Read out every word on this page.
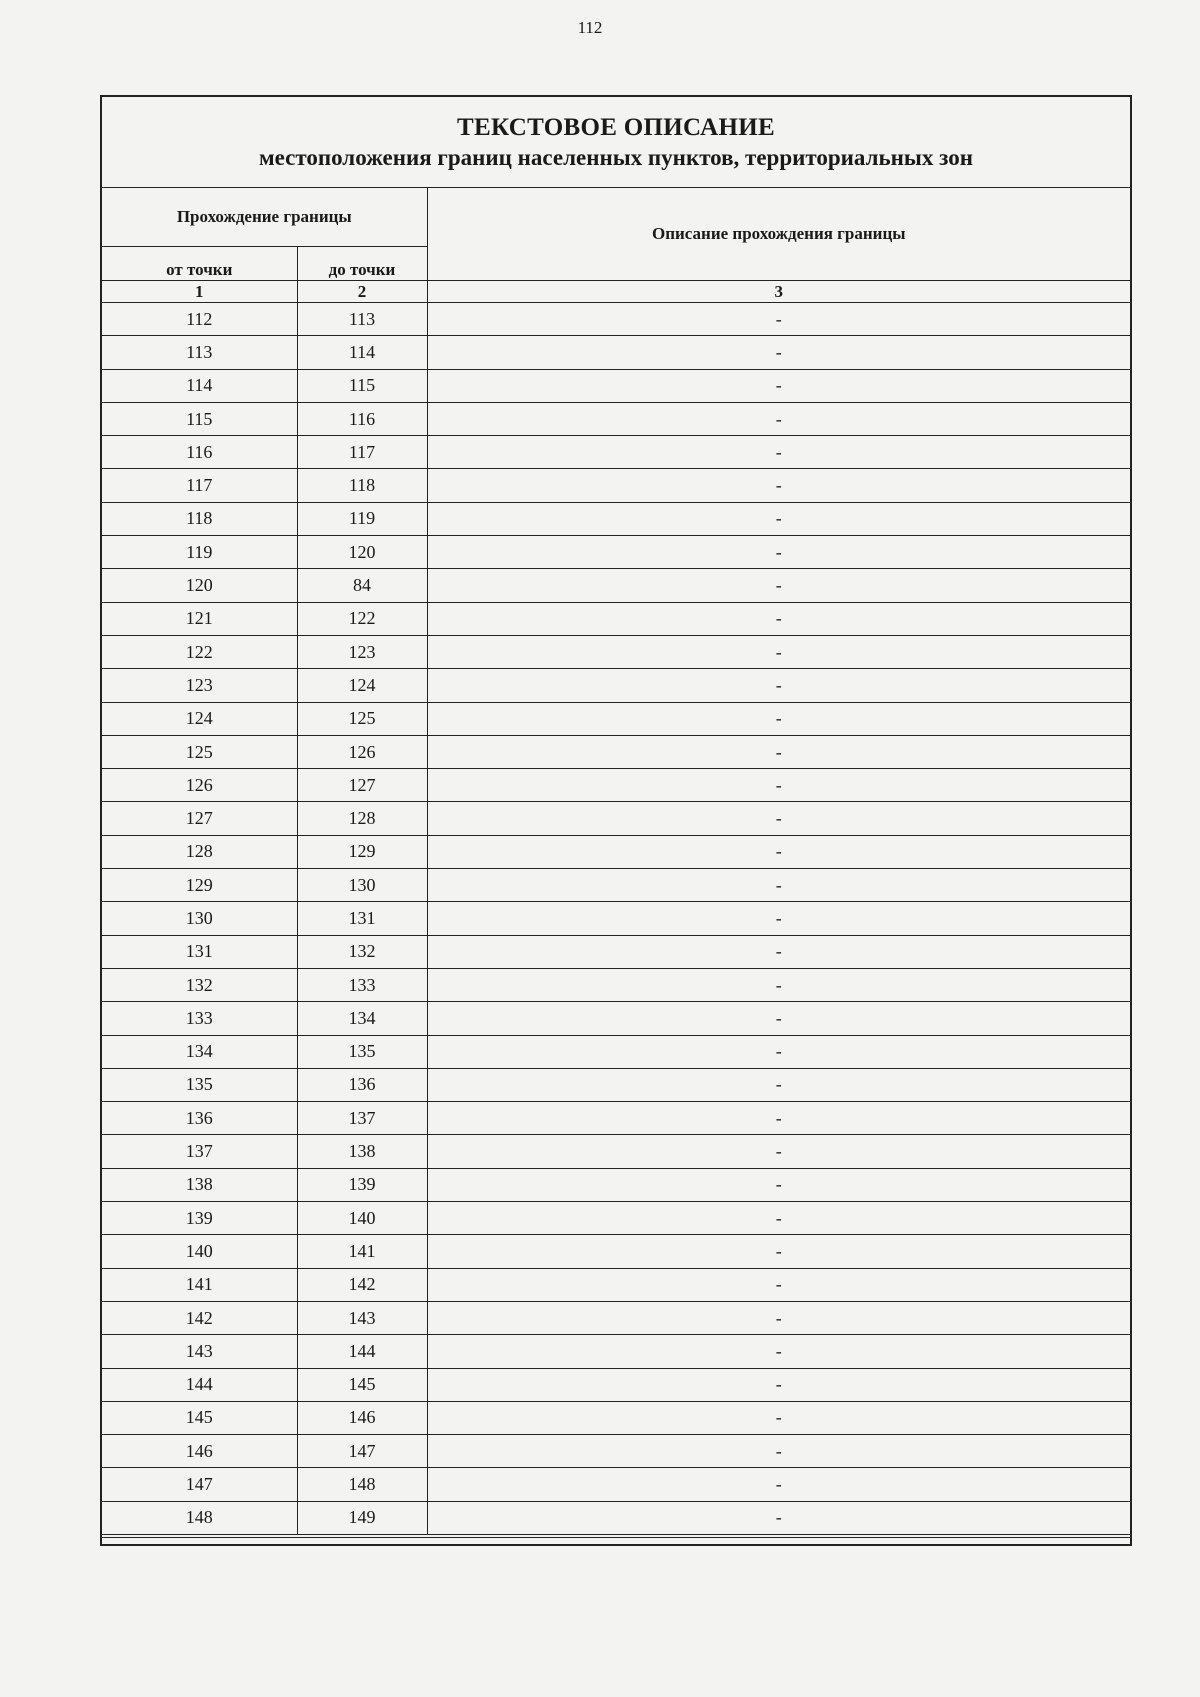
112
ТЕКСТОВОЕ ОПИСАНИЕ
местоположения границ населенных пунктов, территориальных зон
Прохождение границы		Описание прохождения границы
от точки	до точки	
1	2	3
112	113	-
113	114	-
114	115	-
115	116	-
116	117	-
117	118	-
118	119	-
119	120	-
120	84	-
121	122	-
122	123	-
123	124	-
124	125	-
125	126	-
126	127	-
127	128	-
128	129	-
129	130	-
130	131	-
131	132	-
132	133	-
133	134	-
134	135	-
135	136	-
136	137	-
137	138	-
138	139	-
139	140	-
140	141	-
141	142	-
142	143	-
143	144	-
144	145	-
145	146	-
146	147	-
147	148	-
148	149	-
